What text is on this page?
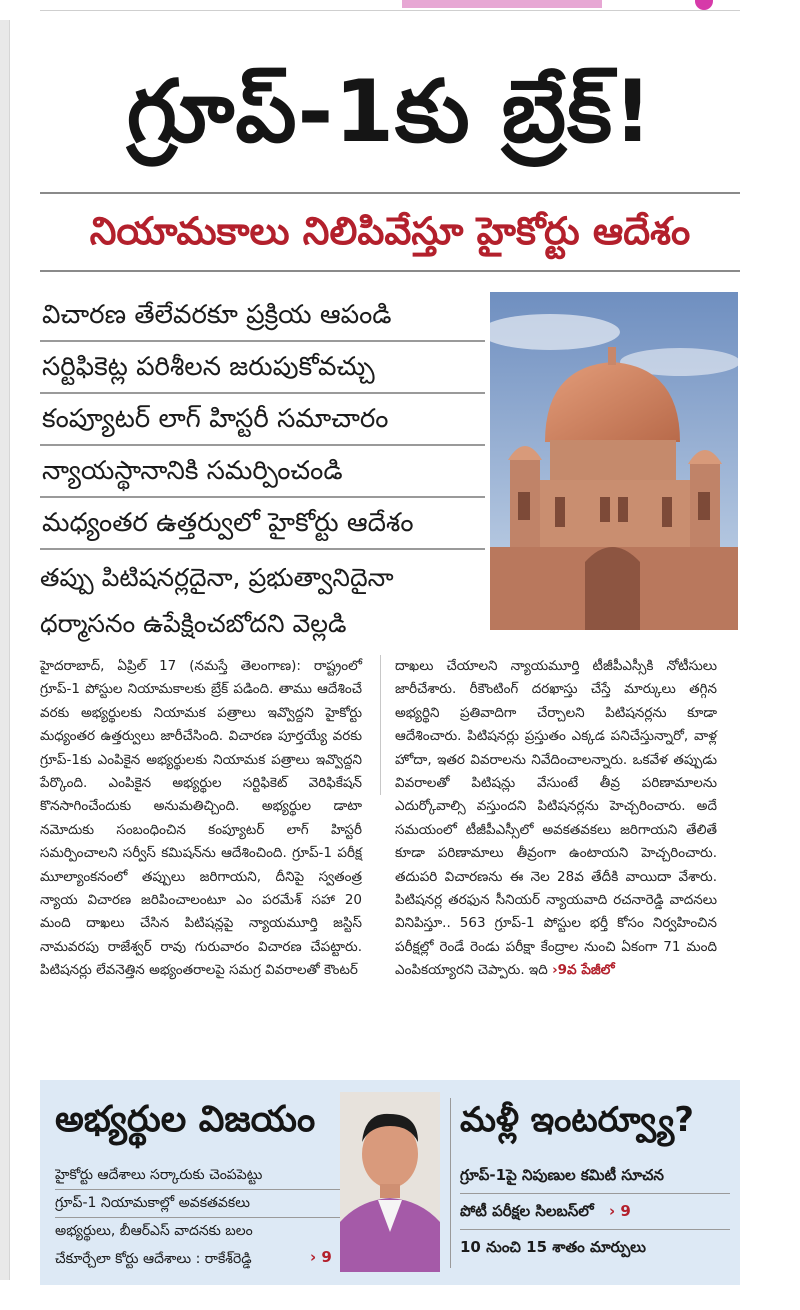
గ్రూప్-1కు బ్రేక్!
నియామకాలు నిలిపివేస్తూ హైకోర్టు ఆదేశం
విచారణ తేలేవరకూ ప్రక్రియ ఆపండి
సర్టిఫికెట్ల పరిశీలన జరుపుకోవచ్చు
కంప్యూటర్ లాగ్ హిస్టరీ సమాచారం
న్యాయస్థానానికి సమర్పించండి
మధ్యంతర ఉత్తర్వులో హైకోర్టు ఆదేశం
తప్పు పిటిషనర్లదైనా, ప్రభుత్వానిదైనా
ధర్మాసనం ఉపేక్షించబోదని వెల్లడి
హైదరాబాద్, ఏప్రిల్ 17 (నమస్తే తెలంగాణ): రాష్ట్రంలో గ్రూప్-1 పోస్టుల నియామకాలకు బ్రేక్ పడింది. తాము ఆదేశించే వరకు అభ్యర్థులకు నియామక పత్రాలు ఇవ్వొద్దని హైకోర్టు మధ్యంతర ఉత్తర్వులు జారీచేసింది. విచారణ పూర్తయ్యే వరకు గ్రూప్-1కు ఎంపికైన అభ్యర్థులకు నియామక పత్రాలు ఇవ్వొద్దని పేర్కొంది. ఎంపికైన అభ్యర్థుల సర్టిఫికెట్ వెరిఫికేషన్ కొనసాగించేందుకు అనుమతిచ్చింది. అభ్యర్థుల డాటా నమోదుకు సంబంధించిన కంప్యూటర్ లాగ్ హిస్టరీ సమర్పించాలని సర్వీస్ కమిషన్‌ను ఆదేశించింది. గ్రూప్-1 పరీక్ష మూల్యాంకనంలో తప్పులు జరిగాయని, దీనిపై స్వతంత్ర న్యాయ విచారణ జరిపించాలంటూ ఎం పరమేశ్ సహా 20 మంది దాఖలు చేసిన పిటిషన్లపై న్యాయమూర్తి జస్టిస్ నామవరపు రాజేశ్వర్ రావు గురువారం విచారణ చేపట్టారు. పిటిషనర్లు లేవనెత్తిన అభ్యంతరాలపై సమగ్ర వివరాలతో కౌంటర్
దాఖలు చేయాలని న్యాయమూర్తి టీజీపీఎస్సీకి నోటీసులు జారీచేశారు. రీకౌంటింగ్ దరఖాస్తు చేస్తే మార్కులు తగ్గిన అభ్యర్థిని ప్రతివాదిగా చేర్చాలని పిటిషనర్లను కూడా ఆదేశించారు. పిటిషనర్లు ప్రస్తుతం ఎక్కడ పనిచేస్తున్నారో, వాళ్ల హోదా, ఇతర వివరాలను నివేదించాలన్నారు. ఒకవేళ తప్పుడు వివరాలతో పిటిషన్లు వేసుంటే తీవ్ర పరిణామాలను ఎదుర్కోవాల్సి వస్తుందని పిటిషనర్లను హెచ్చరించారు. అదే సమయంలో టీజీపీఎస్సీలో అవకతవకలు జరిగాయని తేలితే కూడా పరిణామాలు తీవ్రంగా ఉంటాయని హెచ్చరించారు. తదుపరి విచారణను ఈ నెల 28వ తేదీకి వాయిదా వేశారు. పిటిషనర్ల తరఫున సీనియర్ న్యాయవాది రచనారెడ్డి వాదనలు వినిపిస్తూ.. 563 గ్రూప్-1 పోస్టుల భర్తీ కోసం నిర్వహించిన పరీక్షల్లో రెండే రెండు పరీక్షా కేంద్రాల నుంచి ఏకంగా 71 మంది ఎంపికయ్యారని చెప్పారు. ఇది ›9వ పేజీలో
అభ్యర్థుల విజయం
హైకోర్టు ఆదేశాలు సర్కారుకు చెంపపెట్టు
గ్రూప్-1 నియామకాల్లో అవకతవకలు
అభ్యర్థులు, బీఆర్‌ఎస్ వాదనకు బలం
చేకూర్చేలా కోర్టు ఆదేశాలు : రాకేశ్‌రెడ్డి	› 9
మళ్లీ ఇంటర్వ్యూ?
గ్రూప్-1పై నిపుణుల కమిటీ సూచన
పోటీ పరీక్షల సిలబస్‌లో › 9
10 నుంచి 15 శాతం మార్పులు
